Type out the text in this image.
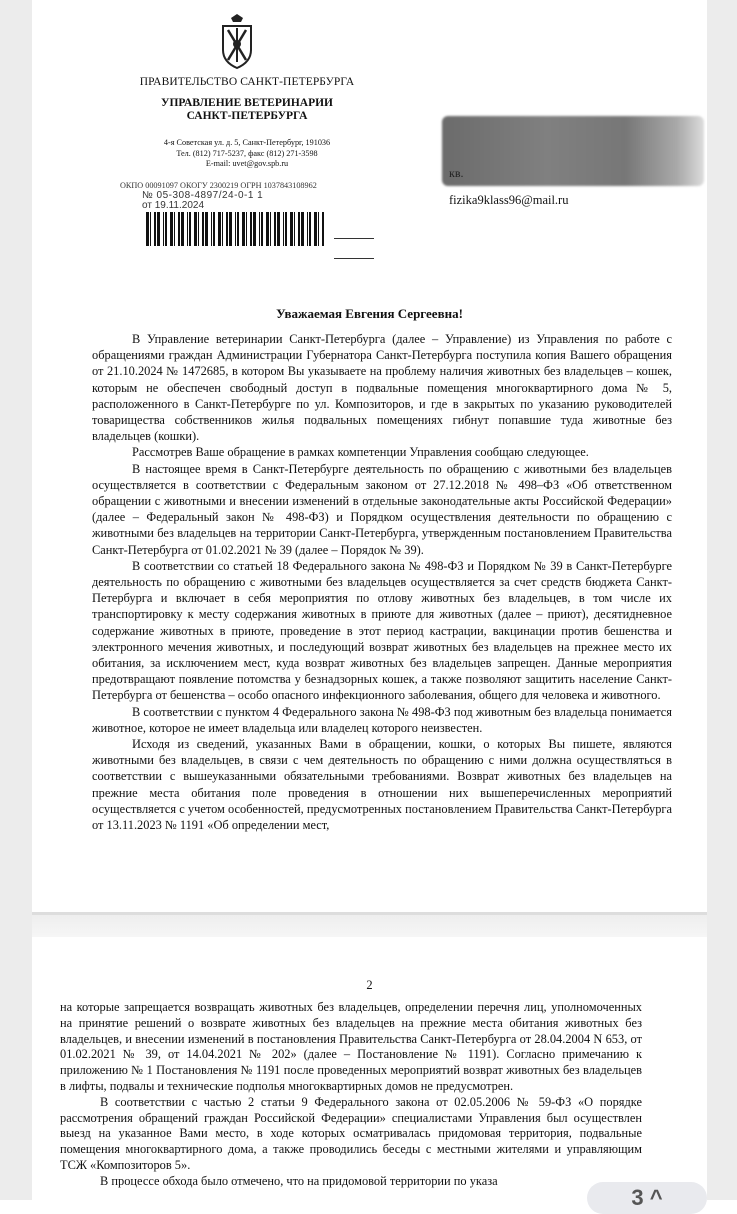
ПРАВИТЕЛЬСТВО САНКТ-ПЕТЕРБУРГА
УПРАВЛЕНИЕ ВЕТЕРИНАРИИ
САНКТ-ПЕТЕРБУРГА
4-я Советская ул. д. 5, Санкт-Петербург, 191036
Тел. (812) 717-5237, факс (812) 271-3598
E-mail: uvet@gov.spb.ru
ОКПО 00091097 ОКОГУ 2300219 ОГРН 1037843108962
№ 05-308-4897/24-0-1 1
от 19.11.2024
кв.
fizika9klass96@mail.ru
Уважаемая Евгения Сергеевна!

В Управление ветеринарии Санкт-Петербурга (далее – Управление) из Управления по работе с обращениями граждан Администрации Губернатора Санкт-Петербурга поступила копия Вашего обращения от 21.10.2024 № 1472685, в котором Вы указываете на проблему наличия животных без владельцев – кошек, которым не обеспечен свободный доступ в подвальные помещения многоквартирного дома № 5, расположенного в Санкт-Петербурге по ул. Композиторов, и где в закрытых по указанию руководителей товарищества собственников жилья подвальных помещениях гибнут попавшие туда животные без владельцев (кошки).

Рассмотрев Ваше обращение в рамках компетенции Управления сообщаю следующее.

В настоящее время в Санкт-Петербурге деятельность по обращению с животными без владельцев осуществляется в соответствии с Федеральным законом от 27.12.2018 № 498–ФЗ «Об ответственном обращении с животными и внесении изменений в отдельные законодательные акты Российской Федерации» (далее – Федеральный закон № 498-ФЗ) и Порядком осуществления деятельности по обращению с животными без владельцев на территории Санкт-Петербурга, утвержденным постановлением Правительства Санкт-Петербурга от 01.02.2021 № 39 (далее – Порядок № 39).

В соответствии со статьей 18 Федерального закона № 498-ФЗ и Порядком № 39 в Санкт-Петербурге деятельность по обращению с животными без владельцев осуществляется за счет средств бюджета Санкт-Петербурга и включает в себя мероприятия по отлову животных без владельцев, в том числе их транспортировку к месту содержания животных в приюте для животных (далее – приют), десятидневное содержание животных в приюте, проведение в этот период кастрации, вакцинации против бешенства и электронного мечения животных, и последующий возврат животных без владельцев на прежнее место их обитания, за исключением мест, куда возврат животных без владельцев запрещен. Данные мероприятия предотвращают появление потомства у безнадзорных кошек, а также позволяют защитить население Санкт-Петербурга от бешенства – особо опасного инфекционного заболевания, общего для человека и животного.

В соответствии с пунктом 4 Федерального закона № 498-ФЗ под животным без владельца понимается животное, которое не имеет владельца или владелец которого неизвестен.

Исходя из сведений, указанных Вами в обращении, кошки, о которых Вы пишете, являются животными без владельцев, в связи с чем деятельность по обращению с ними должна осуществляться в соответствии с вышеуказанными обязательными требованиями. Возврат животных без владельцев на прежние места обитания поле проведения в отношении них вышеперечисленных мероприятий осуществляется с учетом особенностей, предусмотренных постановлением Правительства Санкт-Петербурга от 13.11.2023 № 1191 «Об определении мест,

2

на которые запрещается возвращать животных без владельцев, определении перечня лиц, уполномоченных на принятие решений о возврате животных без владельцев на прежние места обитания животных без владельцев, и внесении изменений в постановления Правительства Санкт-Петербурга от 28.04.2004 N 653, от 01.02.2021 № 39, от 14.04.2021 № 202» (далее – Постановление № 1191). Согласно примечанию к приложению № 1 Постановления № 1191 после проведенных мероприятий возврат животных без владельцев в лифты, подвалы и технические подполья многоквартирных домов не предусмотрен.

В соответствии с частью 2 статьи 9 Федерального закона от 02.05.2006 № 59-ФЗ «О порядке рассмотрения обращений граждан Российской Федерации» специалистами Управления был осуществлен выезд на указанное Вами место, в ходе которых осматривалась придомовая территория, подвальные помещения многоквартирного дома, а также проводились беседы с местными жителями и управляющим ТСЖ «Композиторов 5».

В процессе обхода было отмечено, что на придомовой территории по указа

3 ^
